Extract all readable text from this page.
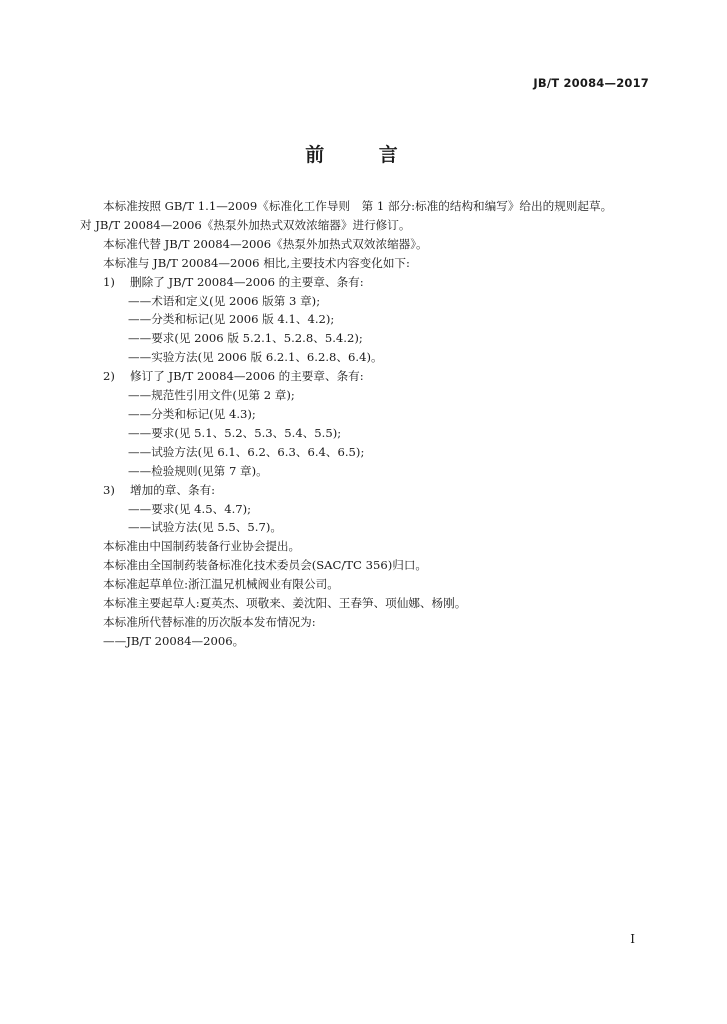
JB/T 20084—2017
前 言
本标准按照 GB/T 1.1—2009《标准化工作导则　第 1 部分:标准的结构和编写》给出的规则起草。
对 JB/T 20084—2006《热泵外加热式双效浓缩器》进行修订。
本标准代替 JB/T 20084—2006《热泵外加热式双效浓缩器》。
本标准与 JB/T 20084—2006 相比,主要技术内容变化如下:
1) 删除了 JB/T 20084—2006 的主要章、条有:
——术语和定义(见 2006 版第 3 章);
——分类和标记(见 2006 版 4.1、4.2);
——要求(见 2006 版 5.2.1、5.2.8、5.4.2);
——实验方法(见 2006 版 6.2.1、6.2.8、6.4)。
2) 修订了 JB/T 20084—2006 的主要章、条有:
——规范性引用文件(见第 2 章);
——分类和标记(见 4.3);
——要求(见 5.1、5.2、5.3、5.4、5.5);
——试验方法(见 6.1、6.2、6.3、6.4、6.5);
——检验规则(见第 7 章)。
3) 增加的章、条有:
——要求(见 4.5、4.7);
——试验方法(见 5.5、5.7)。
本标准由中国制药装备行业协会提出。
本标准由全国制药装备标准化技术委员会(SAC/TC 356)归口。
本标准起草单位:浙江温兄机械阀业有限公司。
本标准主要起草人:夏英杰、项敬来、姜沈阳、王春笋、项仙娜、杨刚。
本标准所代替标准的历次版本发布情况为:
——JB/T 20084—2006。
I
